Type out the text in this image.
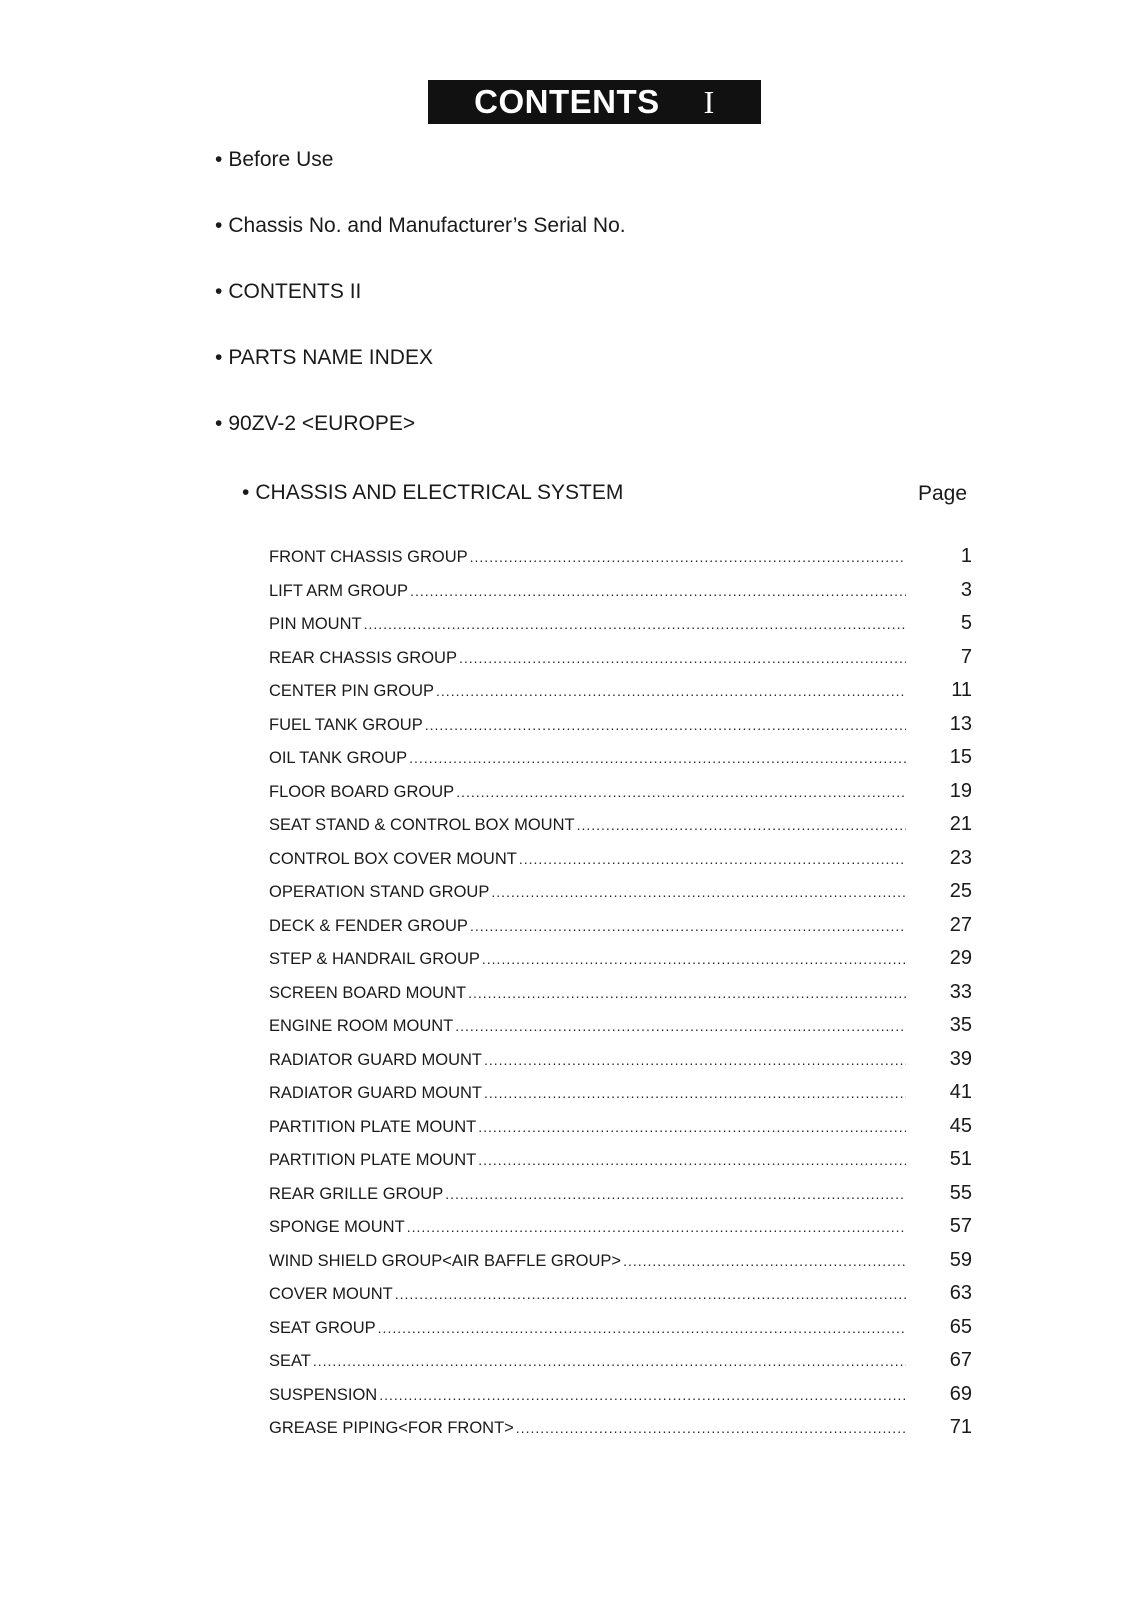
CONTENTS I
• Before Use
• Chassis No. and Manufacturer’s Serial No.
• CONTENTS II
• PARTS NAME INDEX
• 90ZV-2 <EUROPE>
• CHASSIS AND ELECTRICAL SYSTEM	Page
FRONT CHASSIS GROUP .....	1
LIFT ARM GROUP .....	3
PIN MOUNT .....	5
REAR CHASSIS GROUP .....	7
CENTER PIN GROUP .....	11
FUEL TANK GROUP .....	13
OIL TANK GROUP .....	15
FLOOR BOARD GROUP .....	19
SEAT STAND & CONTROL BOX MOUNT .....	21
CONTROL BOX COVER MOUNT .....	23
OPERATION STAND GROUP .....	25
DECK & FENDER GROUP .....	27
STEP & HANDRAIL GROUP .....	29
SCREEN BOARD MOUNT .....	33
ENGINE ROOM MOUNT .....	35
RADIATOR GUARD MOUNT .....	39
RADIATOR GUARD MOUNT .....	41
PARTITION PLATE MOUNT .....	45
PARTITION PLATE MOUNT .....	51
REAR GRILLE GROUP .....	55
SPONGE MOUNT .....	57
WIND SHIELD GROUP<AIR BAFFLE GROUP> .....	59
COVER MOUNT .....	63
SEAT GROUP .....	65
SEAT .....	67
SUSPENSION .....	69
GREASE PIPING<FOR FRONT> .....	71
